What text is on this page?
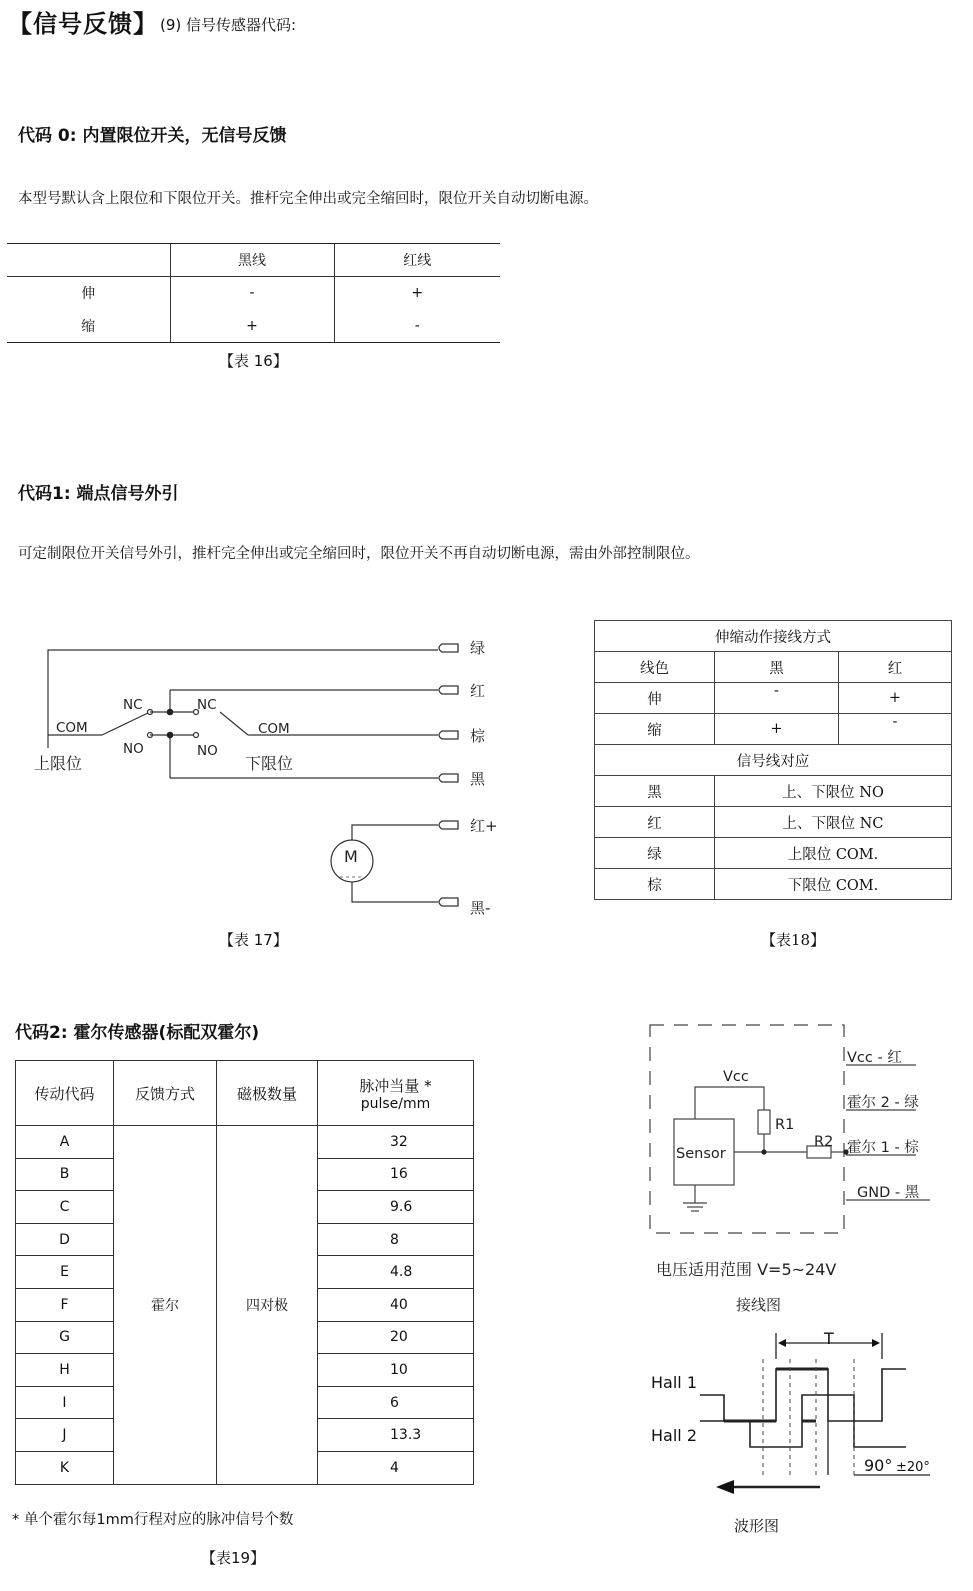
【信号反馈】 (9) 信号传感器代码:
代码 0: 内置限位开关，无信号反馈
本型号默认含上限位和下限位开关。推杆完全伸出或完全缩回时，限位开关自动切断电源。
	黑线	红线
伸	-	+
缩	+	-
【表 16】
代码1: 端点信号外引
可定制限位开关信号外引，推杆完全伸出或完全缩回时，限位开关不再自动切断电源，需由外部控制限位。
绿
红
棕
黑
红+
黑-
COM
NC
NO
NC
NO
COM
M
上限位	下限位
【表 17】
伸缩动作接线方式		
线色	黑	红
伸	-	+
缩	+	-
信号线对应		
黑	上、下限位 NO	
红	上、下限位 NC	
绿	上限位 COM.	
棕	下限位 COM.	
【表18】
代码2: 霍尔传感器(标配双霍尔)
传动代码	反馈方式	磁极数量	脉冲当量 *
pulse/mm

A	霍尔	四对极	32
B			16
C			9.6
D			8
E			4.8
F			40
G			20
H			10
I			6
J			13.3
K			4
* 单个霍尔每1mm行程对应的脉冲信号个数
【表19】
Vcc - 红
霍尔 2 - 绿
霍尔 1 - 棕
GND - 黑
Vcc
R1
R2
Sensor
电压适用范围 V=5~24V
接线图
T
Hall 1
Hall 2
90° ±20°
波形图
